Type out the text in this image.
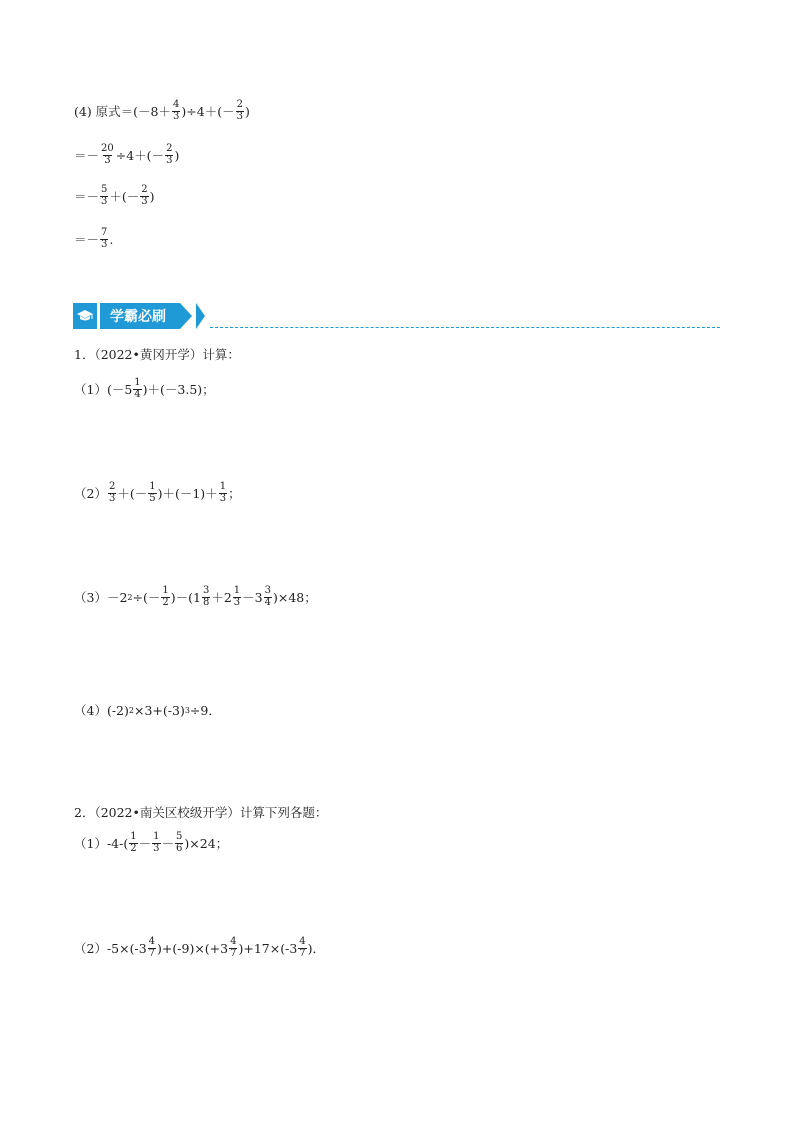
(4) 原式$=(-8+ \frac{4}{3} )\div 4+(- \frac{2}{3}$ )
＝－ $\frac{20}{3} \div 4+(- \frac{2}{3}$ )
＝－ $\frac{5}{3}$ ＋(－ $\frac{2}{3}$ )
＝－ $\frac{7}{3}$ .
学霸必刷
1．（2022•黄冈开学）计算：
$(1)(-5 \frac{1}{4} )+(-3.5)$；
$(2) \frac{2}{3}$ ＋(－ $\frac{1}{5} )+(-1)+ \frac{1}{3}$ ；
（3）－2 2 ÷(－ $\frac{1}{2} )-(1 \frac{3}{8} +2 \frac{1}{3} -3 \frac{3}{4} )\times 48$；
（4）(-2) 2 ×3+(-3) 3 ÷9．
2．（2022•南关区校级开学）计算下列各题：
$(1)-4-( \frac{1}{2} - \frac{1}{3} - \frac{5}{6} )\times 24$；
$(2)-5\times(-3 \frac{4}{7} )+(-9)\times(+3 \frac{4}{7} )+17\times(-3 \frac{4}{7}$ )．
